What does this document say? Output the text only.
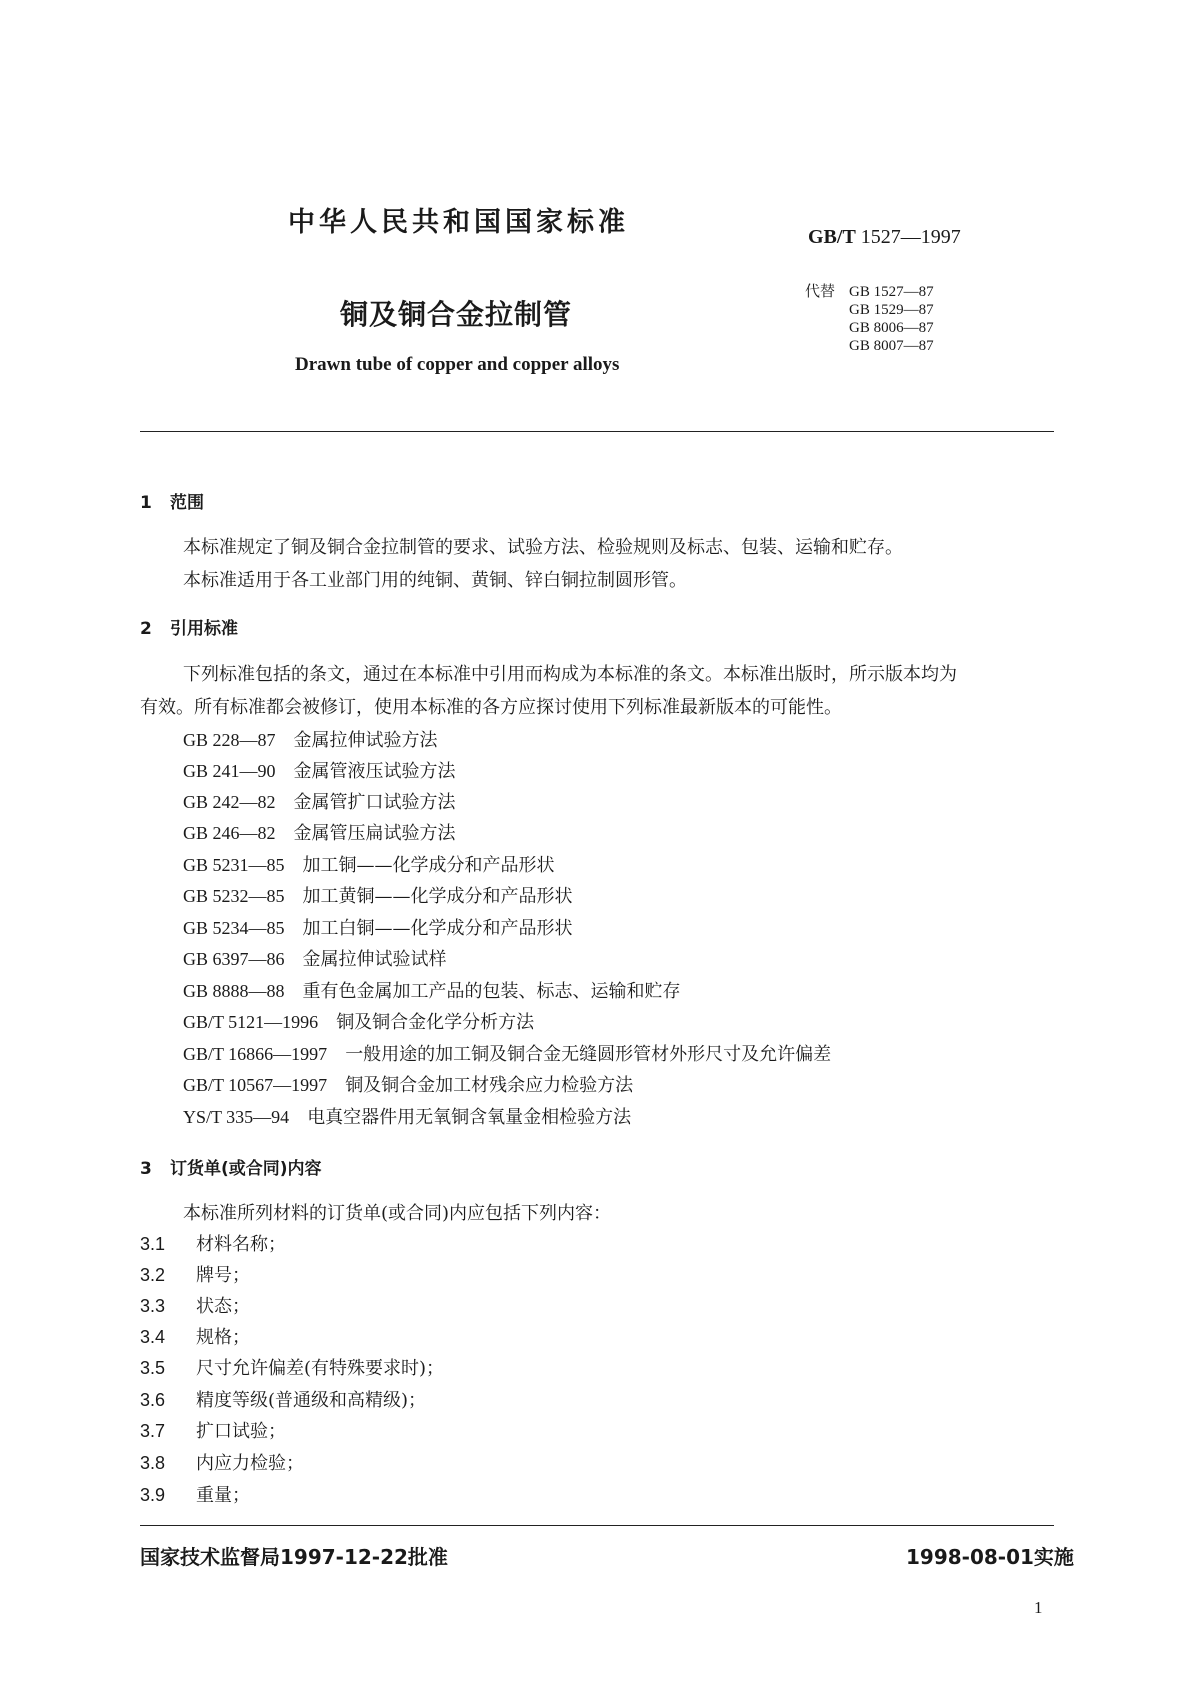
中华人民共和国国家标准	GB/T 1527—1997
铜及铜合金拉制管
Drawn tube of copper and copper alloys
代替 GB 1527—87
GB 1529—87
GB 8006—87
GB 8007—87
1 范围
本标准规定了铜及铜合金拉制管的要求、试验方法、检验规则及标志、包装、运输和贮存。
本标准适用于各工业部门用的纯铜、黄铜、锌白铜拉制圆形管。
2 引用标准
下列标准包括的条文，通过在本标准中引用而构成为本标准的条文。本标准出版时，所示版本均为
有效。所有标准都会被修订，使用本标准的各方应探讨使用下列标准最新版本的可能性。
GB 228—87　 金属拉伸试验方法
GB 241—90　 金属管液压试验方法
GB 242—82　 金属管扩口试验方法
GB 246—82　 金属管压扁试验方法
GB 5231—85　 加工铜——化学成分和产品形状
GB 5232—85　 加工黄铜——化学成分和产品形状
GB 5234—85　 加工白铜——化学成分和产品形状
GB 6397—86　 金属拉伸试验试样
GB 8888—88　 重有色金属加工产品的包装、标志、运输和贮存
GB/T 5121—1996　 铜及铜合金化学分析方法
GB/T 16866—1997　 一般用途的加工铜及铜合金无缝圆形管材外形尺寸及允许偏差
GB/T 10567—1997　 铜及铜合金加工材残余应力检验方法
YS/T 335—94　 电真空器件用无氧铜含氧量金相检验方法
3 订货单(或合同)内容
本标准所列材料的订货单(或合同)内应包括下列内容：
3.1 材料名称；
3.2 牌号；
3.3 状态；
3.4 规格；
3.5 尺寸允许偏差(有特殊要求时)；
3.6 精度等级(普通级和高精级)；
3.7 扩口试验；
3.8 内应力检验；
3.9 重量；
国家技术监督局1997-12-22批准	1998-08-01实施
1
